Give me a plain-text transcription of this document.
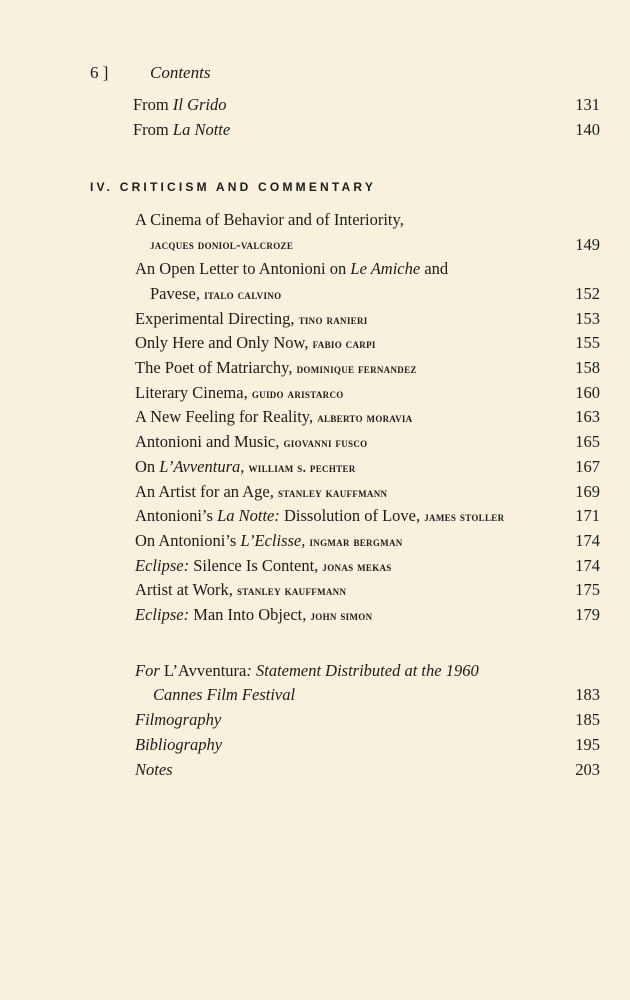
6 ] Contents
From Il Grido	131
From La Notte	140
IV. CRITICISM AND COMMENTARY
A Cinema of Behavior and of Interiority,
jacques doniol-valcroze	149
An Open Letter to Antonioni on Le Amiche and
Pavese, italo calvino	152
Experimental Directing, tino ranieri	153
Only Here and Only Now, fabio carpi	155
The Poet of Matriarchy, dominique fernandez	158
Literary Cinema, guido aristarco	160
A New Feeling for Reality, alberto moravia	163
Antonioni and Music, giovanni fusco	165
On L’Avventura, william s. pechter	167
An Artist for an Age, stanley kauffmann	169
Antonioni’s La Notte: Dissolution of Love, james stoller	171
On Antonioni’s L’Eclisse, ingmar bergman	174
Eclipse: Silence Is Content, jonas mekas	174
Artist at Work, stanley kauffmann	175
Eclipse: Man Into Object, john simon	179
For L’Avventura: Statement Distributed at the 1960
Cannes Film Festival	183
Filmography	185
Bibliography	195
Notes	203
